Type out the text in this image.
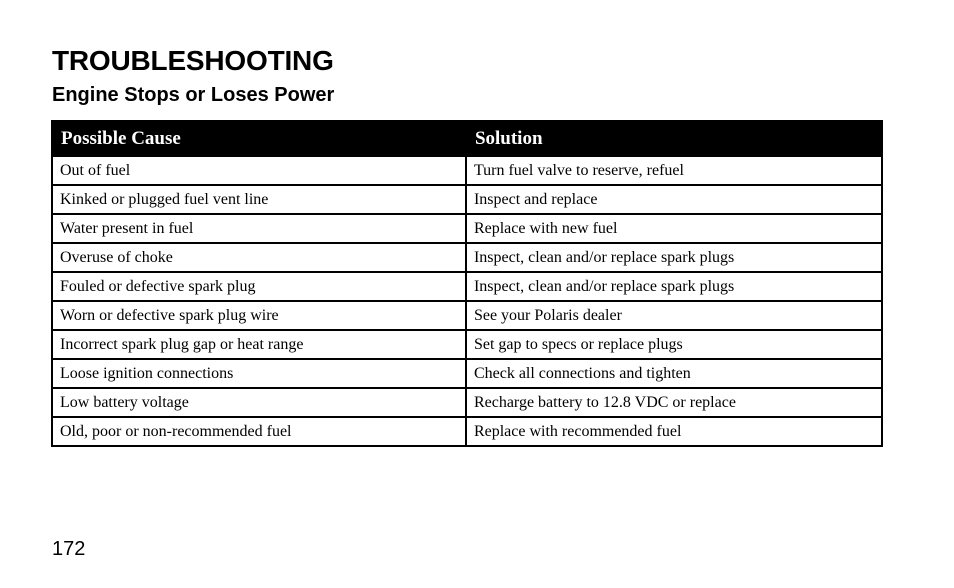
TROUBLESHOOTING
Engine Stops or Loses Power
Possible Cause	Solution
Out of fuel	Turn fuel valve to reserve, refuel
Kinked or plugged fuel vent line	Inspect and replace
Water present in fuel	Replace with new fuel
Overuse of choke	Inspect, clean and/or replace spark plugs
Fouled or defective spark plug	Inspect, clean and/or replace spark plugs
Worn or defective spark plug wire	See your Polaris dealer
Incorrect spark plug gap or heat range	Set gap to specs or replace plugs
Loose ignition connections	Check all connections and tighten
Low battery voltage	Recharge battery to 12.8 VDC or replace
Old, poor or non-recommended fuel	Replace with recommended fuel
172
